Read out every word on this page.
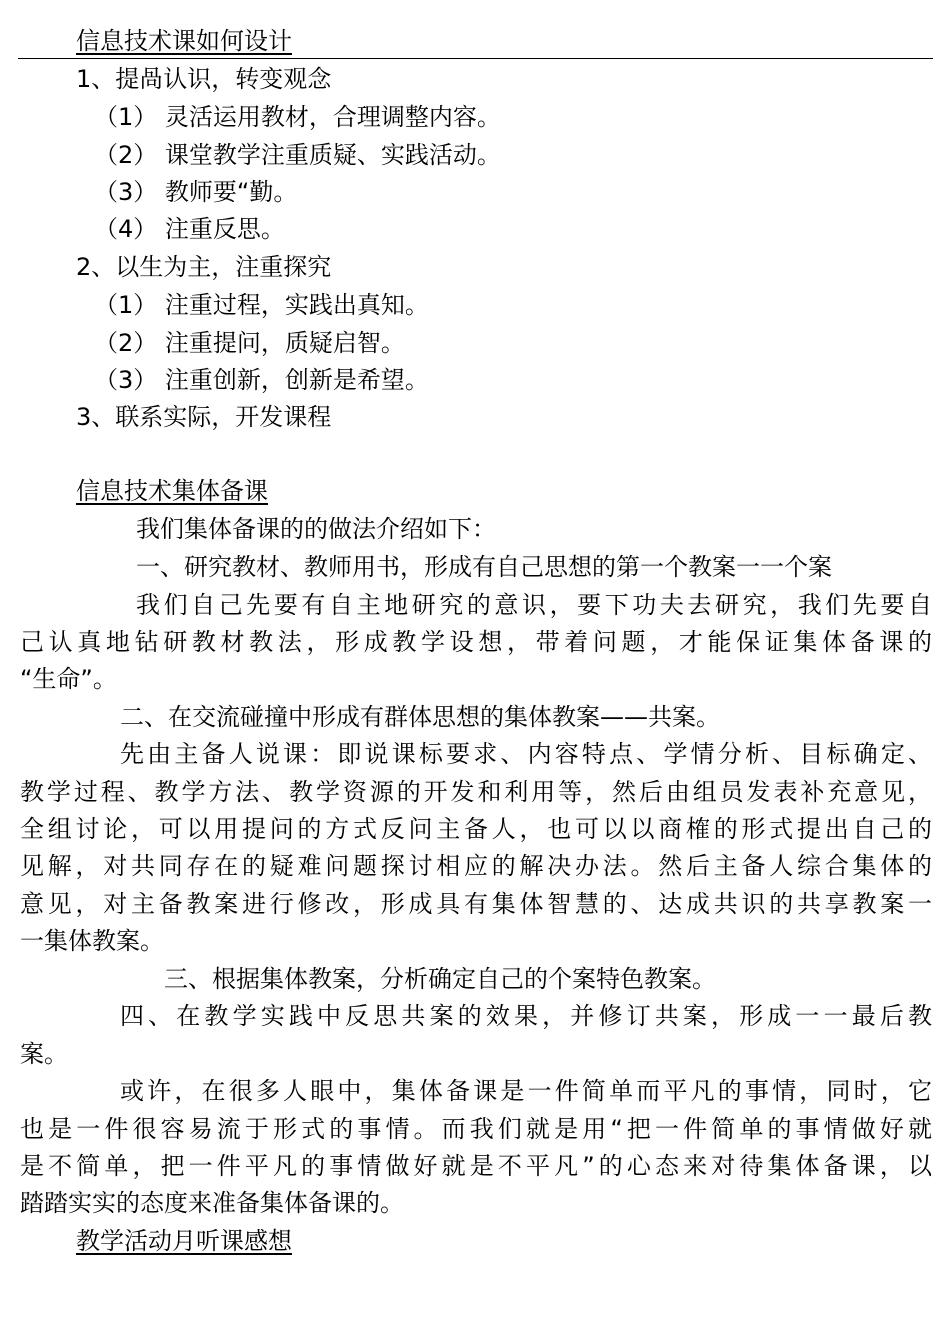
信息技术课如何设计
1、提咼认识，转变观念
（1） 灵活运用教材，合理调整内容。
（2） 课堂教学注重质疑、实践活动。
（3） 教师要“勤。
（4） 注重反思。
2、以生为主，注重探究
（1） 注重过程，实践出真知。
（2） 注重提问，质疑启智。
（3） 注重创新，创新是希望。
3、联系实际，开发课程
信息技术集体备课
我们集体备课的的做法介绍如下：
一、研究教材、教师用书，形成有自己思想的第一个教案一一个案
我们自己先要有自主地研究的意识，要下功夫去研究，我们先要自
己认真地钻研教材教法，形成教学设想，带着问题，才能保证集体备课的
“生命”。
二、在交流碰撞中形成有群体思想的集体教案——共案。
先由主备人说课：即说课标要求、内容特点、学情分析、目标确定、
教学过程、教学方法、教学资源的开发和利用等，然后由组员发表补充意见，
全组讨论，可以用提问的方式反问主备人，也可以以商榷的形式提出自己的
见解，对共同存在的疑难问题探讨相应的解决办法。然后主备人综合集体的
意见，对主备教案进行修改，形成具有集体智慧的、达成共识的共享教案一
一集体教案。
三、根据集体教案，分析确定自己的个案特色教案。
四、在教学实践中反思共案的效果，并修订共案，形成一一最后教
案。
或许，在很多人眼中，集体备课是一件简单而平凡的事情，同时，它
也是一件很容易流于形式的事情。而我们就是用“把一件简单的事情做好就
是不简单，把一件平凡的事情做好就是不平凡”的心态来对待集体备课，以
踏踏实实的态度来准备集体备课的。
教学活动月听课感想
